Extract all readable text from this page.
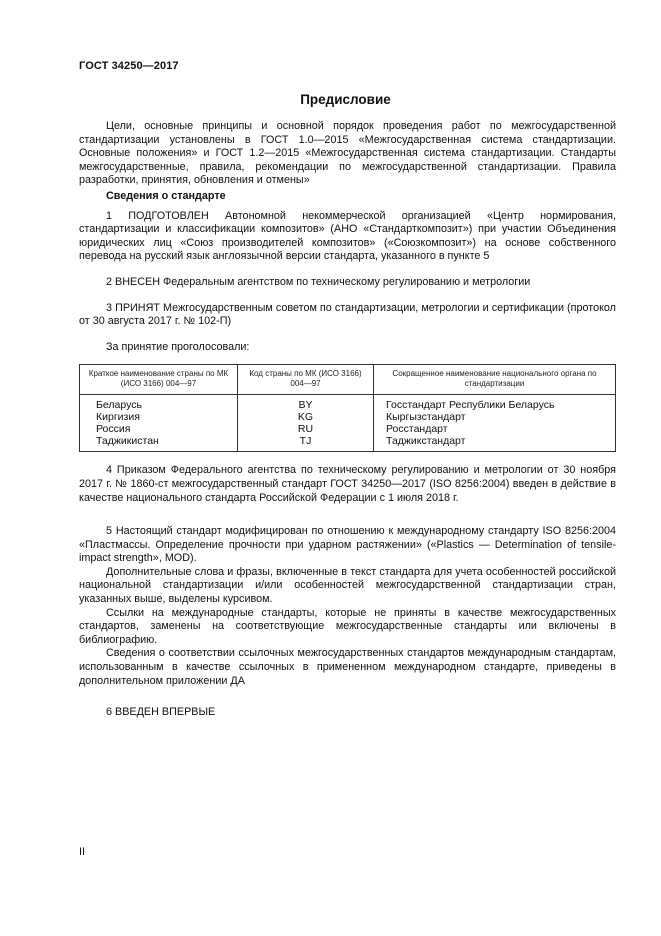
ГОСТ 34250—2017
Предисловие

Цели, основные принципы и основной порядок проведения работ по межгосударственной стандартизации установлены в ГОСТ 1.0—2015 «Межгосударственная система стандартизации. Основные положения» и ГОСТ 1.2—2015 «Межгосударственная система стандартизации. Стандарты межгосударственные, правила, рекомендации по межгосударственной стандартизации. Правила разработки, принятия, обновления и отмены»

Сведения о стандарте

1 ПОДГОТОВЛЕН Автономной некоммерческой организацией «Центр нормирования, стандартизации и классификации композитов» (АНО «Стандарткомпозит») при участии Объединения юридических лиц «Союз производителей композитов» («Союзкомпозит») на основе собственного перевода на русский язык англоязычной версии стандарта, указанного в пункте 5

2 ВНЕСЕН Федеральным агентством по техническому регулированию и метрологии

3 ПРИНЯТ Межгосударственным советом по стандартизации, метрологии и сертификации (протокол от 30 августа 2017 г. № 102-П)

За принятие проголосовали:

Краткое наименование страны по МК (ИСО 3166) 004—97	Код страны по МК (ИСО 3166) 004—97	Сокращенное наименование национального органа по стандартизации
Беларусь	BY	Госстандарт Республики Беларусь
Киргизия	KG	Кыргызстандарт
Россия	RU	Росстандарт
Таджикистан	TJ	Таджикстандарт

4 Приказом Федерального агентства по техническому регулированию и метрологии от 30 ноября 2017 г. № 1860-ст межгосударственный стандарт ГОСТ 34250—2017 (ISO 8256:2004) введен в действие в качестве национального стандарта Российской Федерации с 1 июля 2018 г.

5 Настоящий стандарт модифицирован по отношению к международному стандарту ISO 8256:2004 «Пластмассы. Определение прочности при ударном растяжении» («Plastics — Determination of tensile-impact strength», MOD).

Дополнительные слова и фразы, включенные в текст стандарта для учета особенностей российской национальной стандартизации и/или особенностей межгосударственной стандартизации стран, указанных выше, выделены курсивом.

Ссылки на международные стандарты, которые не приняты в качестве межгосударственных стандартов, заменены на соответствующие межгосударственные стандарты или включены в библиографию.

Сведения о соответствии ссылочных межгосударственных стандартов международным стандартам, использованным в качестве ссылочных в примененном международном стандарте, приведены в дополнительном приложении ДА

6 ВВЕДЕН ВПЕРВЫЕ

II
